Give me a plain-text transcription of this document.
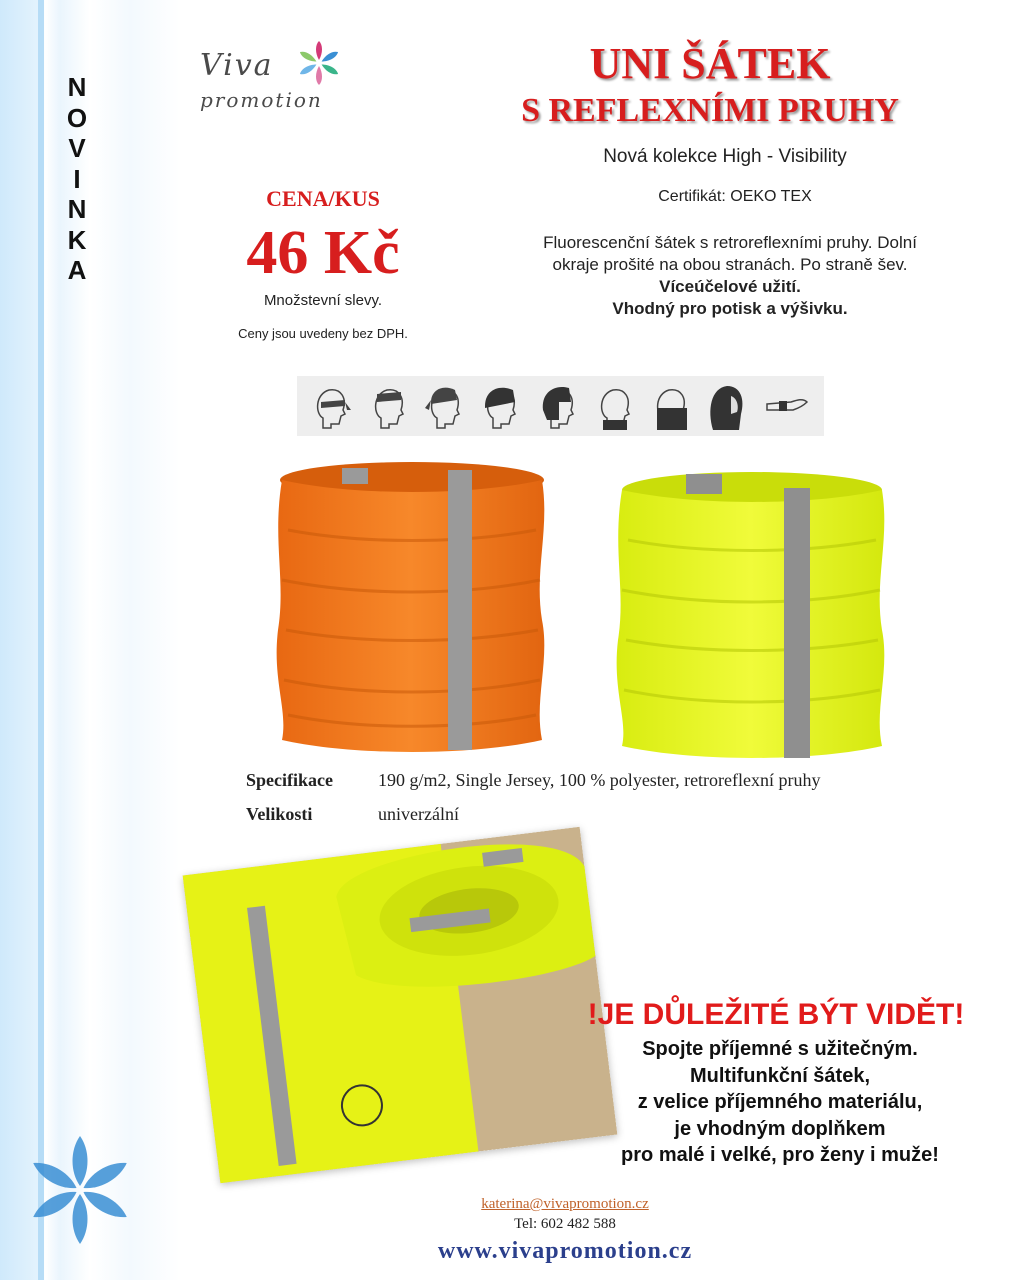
N
O
V
I
N
K
A
Viva
promotion
UNI ŠÁTEK
S REFLEXNÍMI PRUHY
Nová kolekce High - Visibility
Certifikát: OEKO TEX
Fluorescenční šátek s retroreflexními pruhy. Dolní
okraje prošité na obou stranách. Po straně šev.
Víceúčelové užití.
Vhodný pro potisk a výšivku.
CENA/KUS
46 Kč
Množstevní slevy.
Ceny jsou uvedeny bez DPH.
Specifikace	190 g/m2, Single Jersey, 100 % polyester, retroreflexní pruhy
Velikosti	univerzální
!JE DŮLEŽITÉ BÝT VIDĚT!
Spojte příjemné s užitečným.
Multifunkční šátek,
z velice příjemného materiálu,
je vhodným doplňkem
pro malé i velké, pro ženy i muže!
katerina@vivapromotion.cz
Tel: 602 482 588
www.vivapromotion.cz
